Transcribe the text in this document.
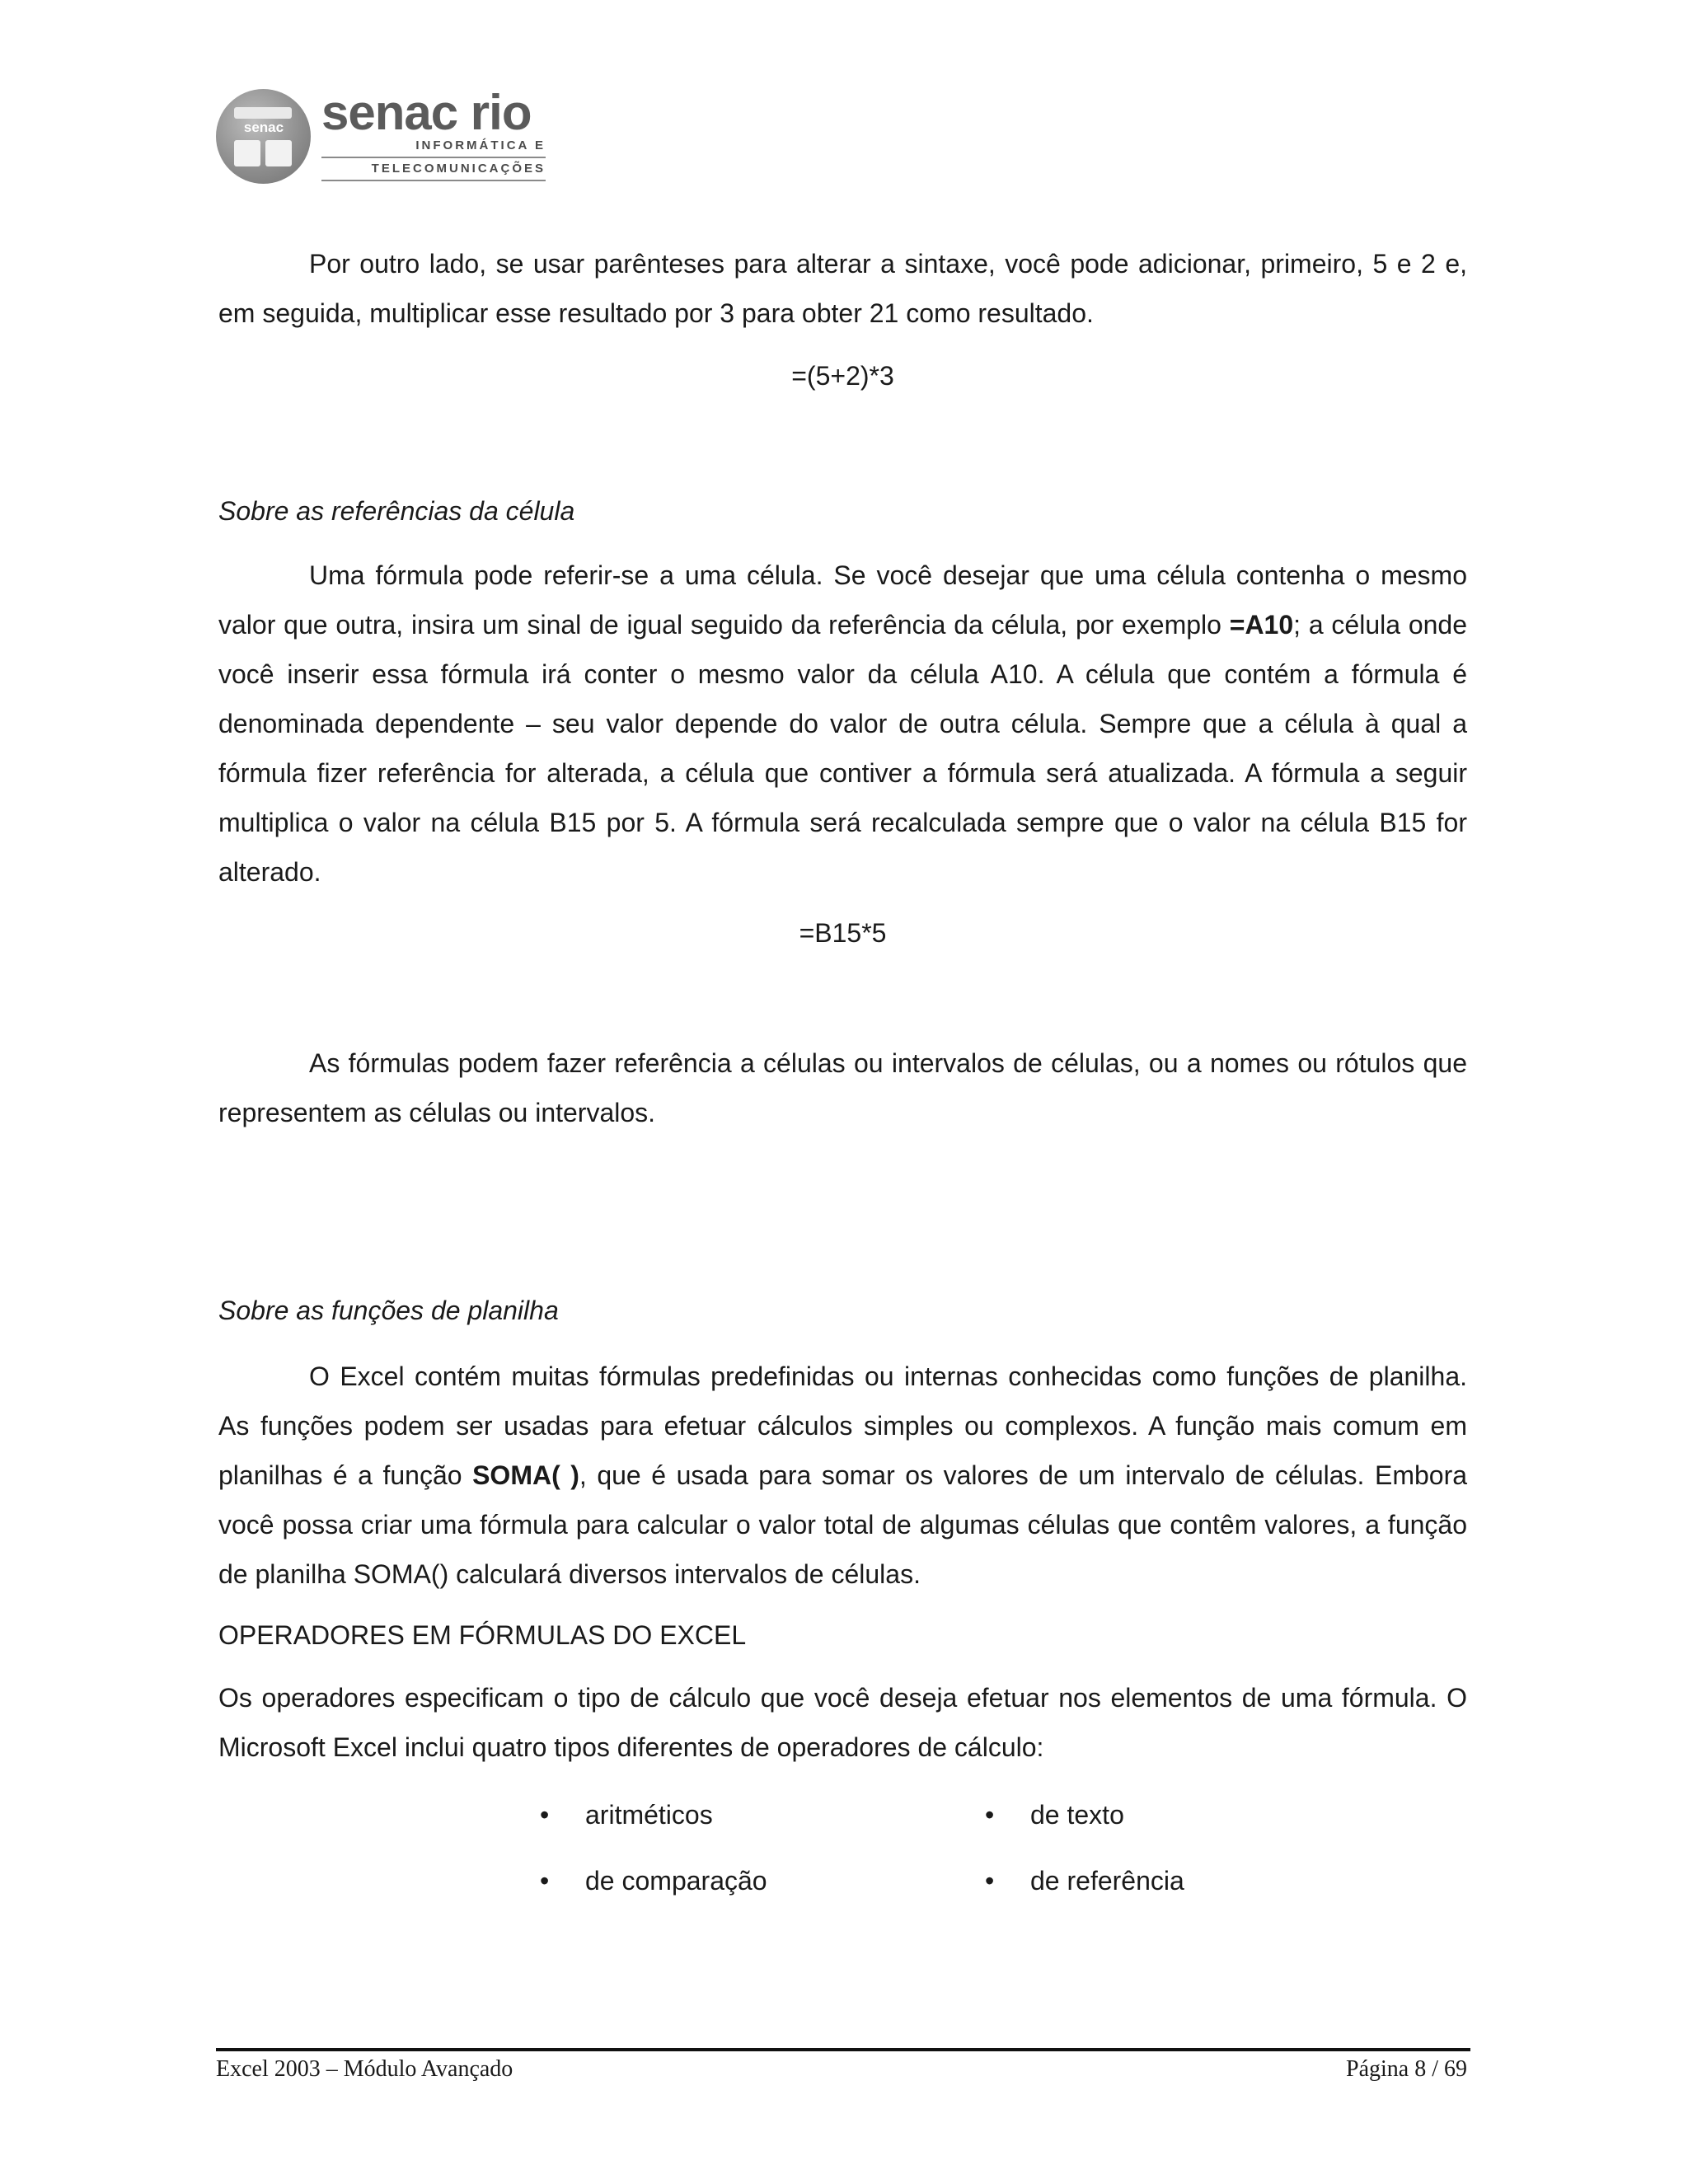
senac senac rio
INFORMÁTICA E
TELECOMUNICAÇÕES

Por outro lado, se usar parênteses para alterar a sintaxe, você pode adicionar, primeiro, 5 e 2 e, em seguida, multiplicar esse resultado por 3 para obter 21 como resultado.

=(5+2)*3

Sobre as referências da célula

Uma fórmula pode referir-se a uma célula. Se você desejar que uma célula contenha o mesmo valor que outra, insira um sinal de igual seguido da referência da célula, por exemplo =A10; a célula onde você inserir essa fórmula irá conter o mesmo valor da célula A10. A célula que contém a fórmula é denominada dependente – seu valor depende do valor de outra célula. Sempre que a célula à qual a fórmula fizer referência for alterada, a célula que contiver a fórmula será atualizada. A fórmula a seguir multiplica o valor na célula B15 por 5. A fórmula será recalculada sempre que o valor na célula B15 for alterado.

=B15*5

As fórmulas podem fazer referência a células ou intervalos de células, ou a nomes ou rótulos que representem as células ou intervalos.

Sobre as funções de planilha

O Excel contém muitas fórmulas predefinidas ou internas conhecidas como funções de planilha. As funções podem ser usadas para efetuar cálculos simples ou complexos. A função mais comum em planilhas é a função SOMA( ), que é usada para somar os valores de um intervalo de células. Embora você possa criar uma fórmula para calcular o valor total de algumas células que contêm valores, a função de planilha SOMA() calculará diversos intervalos de células.

OPERADORES EM FÓRMULAS DO EXCEL

Os operadores especificam o tipo de cálculo que você deseja efetuar nos elementos de uma fórmula. O Microsoft Excel inclui quatro tipos diferentes de operadores de cálculo:

• aritméticos	• de texto
• de comparação	• de referência
Excel 2003 – Módulo Avançado	Página 8 / 69
